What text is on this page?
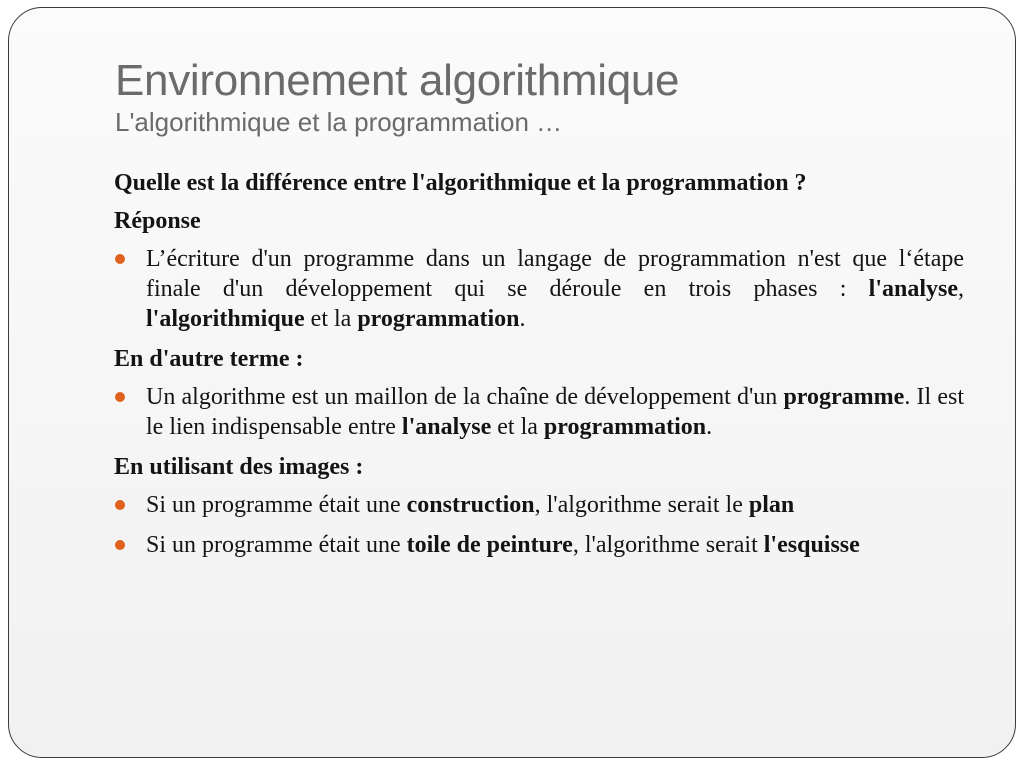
Environnement algorithmique
L'algorithmique et la programmation …

Quelle est la différence entre l'algorithmique et la programmation ?

Réponse

L’écriture d'un programme dans un langage de programmation n'est que l‘étape finale d'un développement qui se déroule en trois phases : l'analyse, l'algorithmique et la programmation.

En d'autre terme :

Un algorithme est un maillon de la chaîne de développement d'un programme. Il est le lien indispensable entre l'analyse et la programmation.

En utilisant des images :

Si un programme était une construction, l'algorithme serait le plan
Si un programme était une toile de peinture, l'algorithme serait l'esquisse
